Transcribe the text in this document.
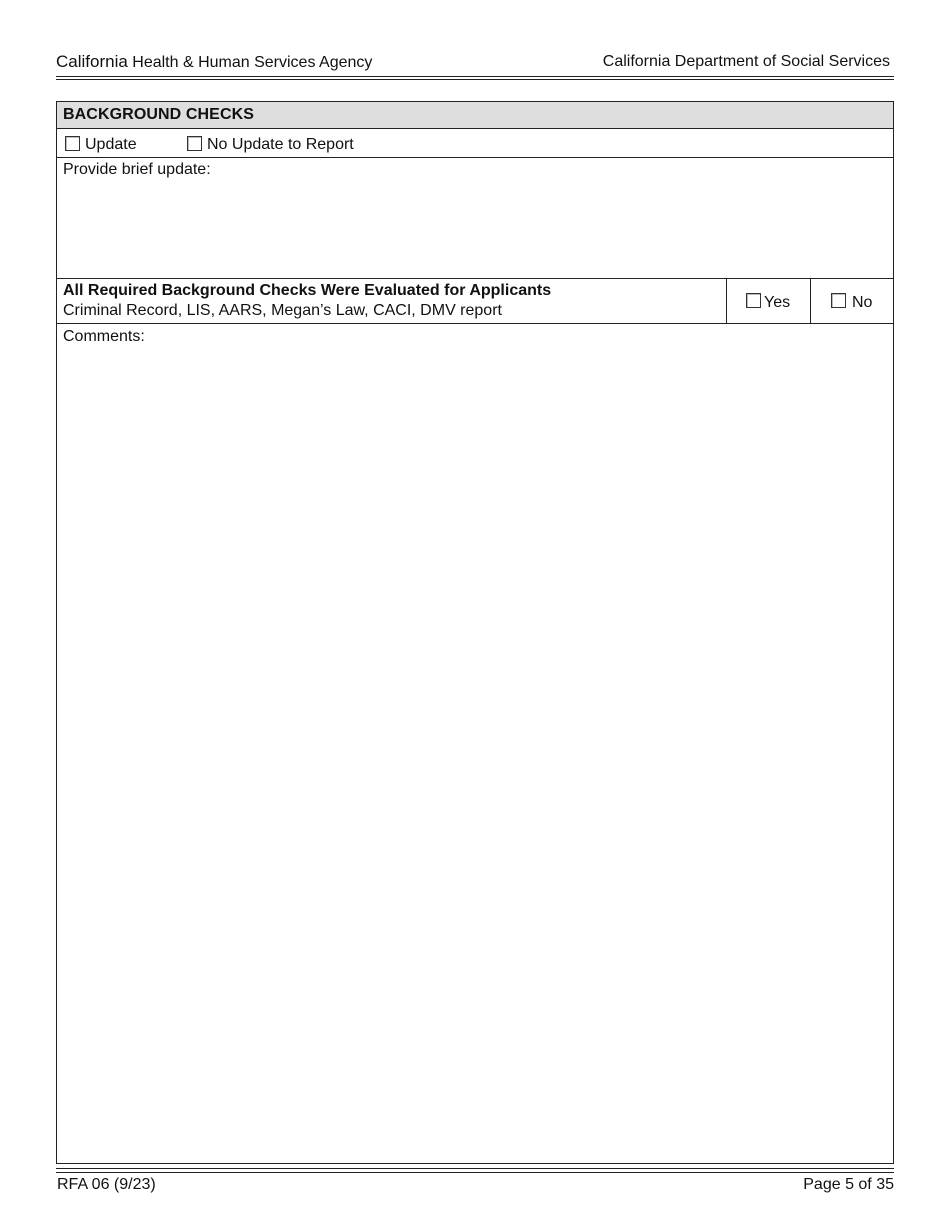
California Health & Human Services Agency	California Department of Social Services
BACKGROUND CHECKS
Update	No Update to Report
Provide brief update:
All Required Background Checks Were Evaluated for Applicants
Criminal Record, LIS, AARS, Megan’s Law, CACI, DMV report	Yes	No
Comments:
RFA 06 (9/23)	Page 5 of 35
